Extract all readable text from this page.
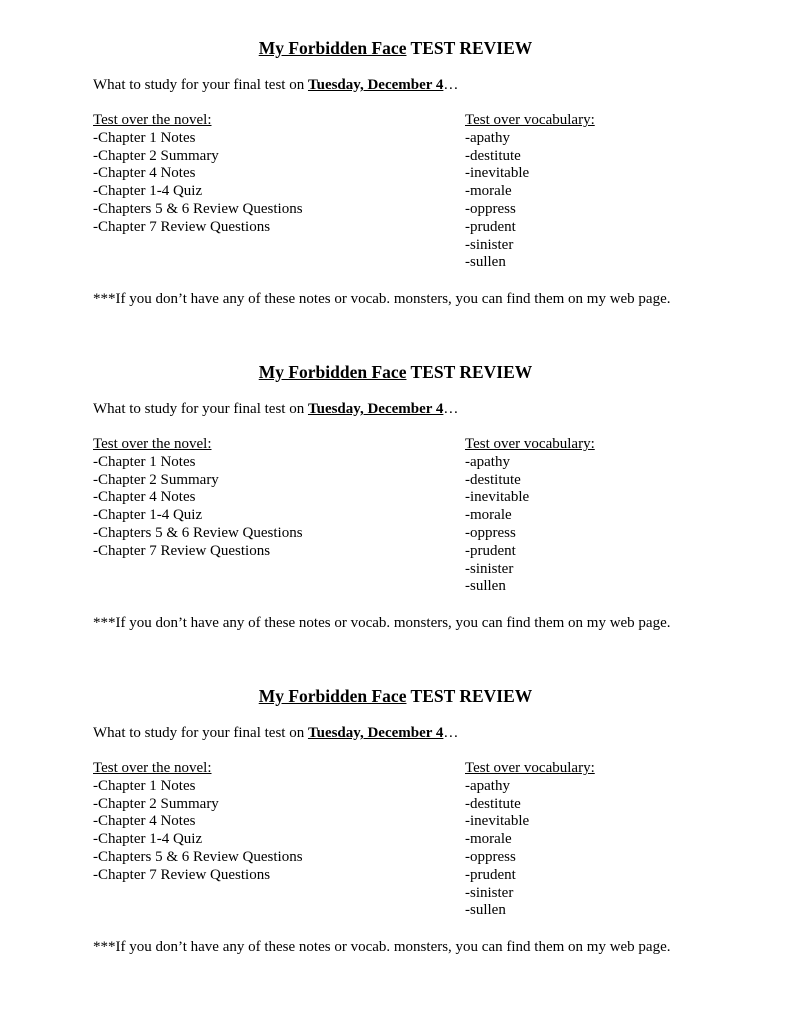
My Forbidden Face TEST REVIEW
What to study for your final test on Tuesday, December 4…
Test over the novel:
-Chapter 1 Notes
-Chapter 2 Summary
-Chapter 4 Notes
-Chapter 1-4 Quiz
-Chapters 5 & 6 Review Questions
-Chapter 7 Review Questions
Test over vocabulary:
-apathy
-destitute
-inevitable
-morale
-oppress
-prudent
-sinister
-sullen
***If you don’t have any of these notes or vocab. monsters, you can find them on my web page.
My Forbidden Face TEST REVIEW
What to study for your final test on Tuesday, December 4…
Test over the novel:
-Chapter 1 Notes
-Chapter 2 Summary
-Chapter 4 Notes
-Chapter 1-4 Quiz
-Chapters 5 & 6 Review Questions
-Chapter 7 Review Questions
Test over vocabulary:
-apathy
-destitute
-inevitable
-morale
-oppress
-prudent
-sinister
-sullen
***If you don’t have any of these notes or vocab. monsters, you can find them on my web page.
My Forbidden Face TEST REVIEW
What to study for your final test on Tuesday, December 4…
Test over the novel:
-Chapter 1 Notes
-Chapter 2 Summary
-Chapter 4 Notes
-Chapter 1-4 Quiz
-Chapters 5 & 6 Review Questions
-Chapter 7 Review Questions
Test over vocabulary:
-apathy
-destitute
-inevitable
-morale
-oppress
-prudent
-sinister
-sullen
***If you don’t have any of these notes or vocab. monsters, you can find them on my web page.
